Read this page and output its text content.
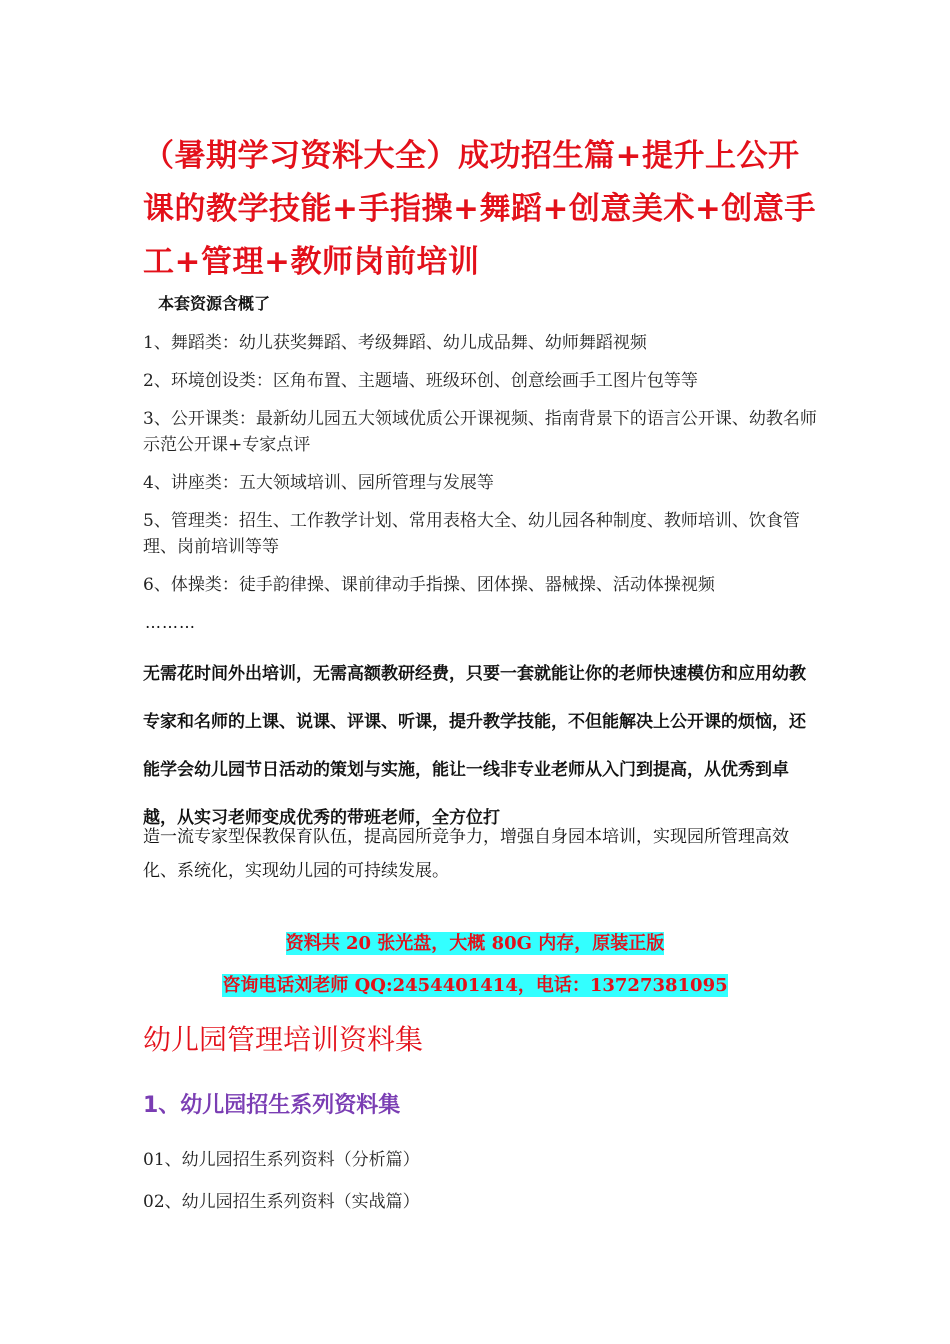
（暑期学习资料大全）成功招生篇+提升上公开课的教学技能+手指操+舞蹈+创意美术+创意手工+管理+教师岗前培训

本套资源含概了

1、舞蹈类：幼儿获奖舞蹈、考级舞蹈、幼儿成品舞、幼师舞蹈视频
2、环境创设类：区角布置、主题墙、班级环创、创意绘画手工图片包等等
3、公开课类：最新幼儿园五大领域优质公开课视频、指南背景下的语言公开课、幼教名师示范公开课+专家点评
4、讲座类：五大领域培训、园所管理与发展等
5、管理类：招生、工作教学计划、常用表格大全、幼儿园各种制度、教师培训、饮食管理、岗前培训等等
6、体操类：徒手韵律操、课前律动手指操、团体操、器械操、活动体操视频

………

无需花时间外出培训，无需高额教研经费，只要一套就能让你的老师快速模仿和应用幼教专家和名师的上课、说课、评课、听课，提升教学技能，不但能解决上公开课的烦恼，还能学会幼儿园节日活动的策划与实施，能让一线非专业老师从入门到提高，从优秀到卓越，从实习老师变成优秀的带班老师，全方位打

造一流专家型保教保育队伍，提高园所竞争力，增强自身园本培训，实现园所管理高效化、系统化，实现幼儿园的可持续发展。

资料共 20 张光盘，大概 80G 内存，原装正版
咨询电话刘老师 QQ:2454401414，电话：13727381095
幼儿园管理培训资料集
1、幼儿园招生系列资料集
01、幼儿园招生系列资料（分析篇）
02、幼儿园招生系列资料（实战篇）
